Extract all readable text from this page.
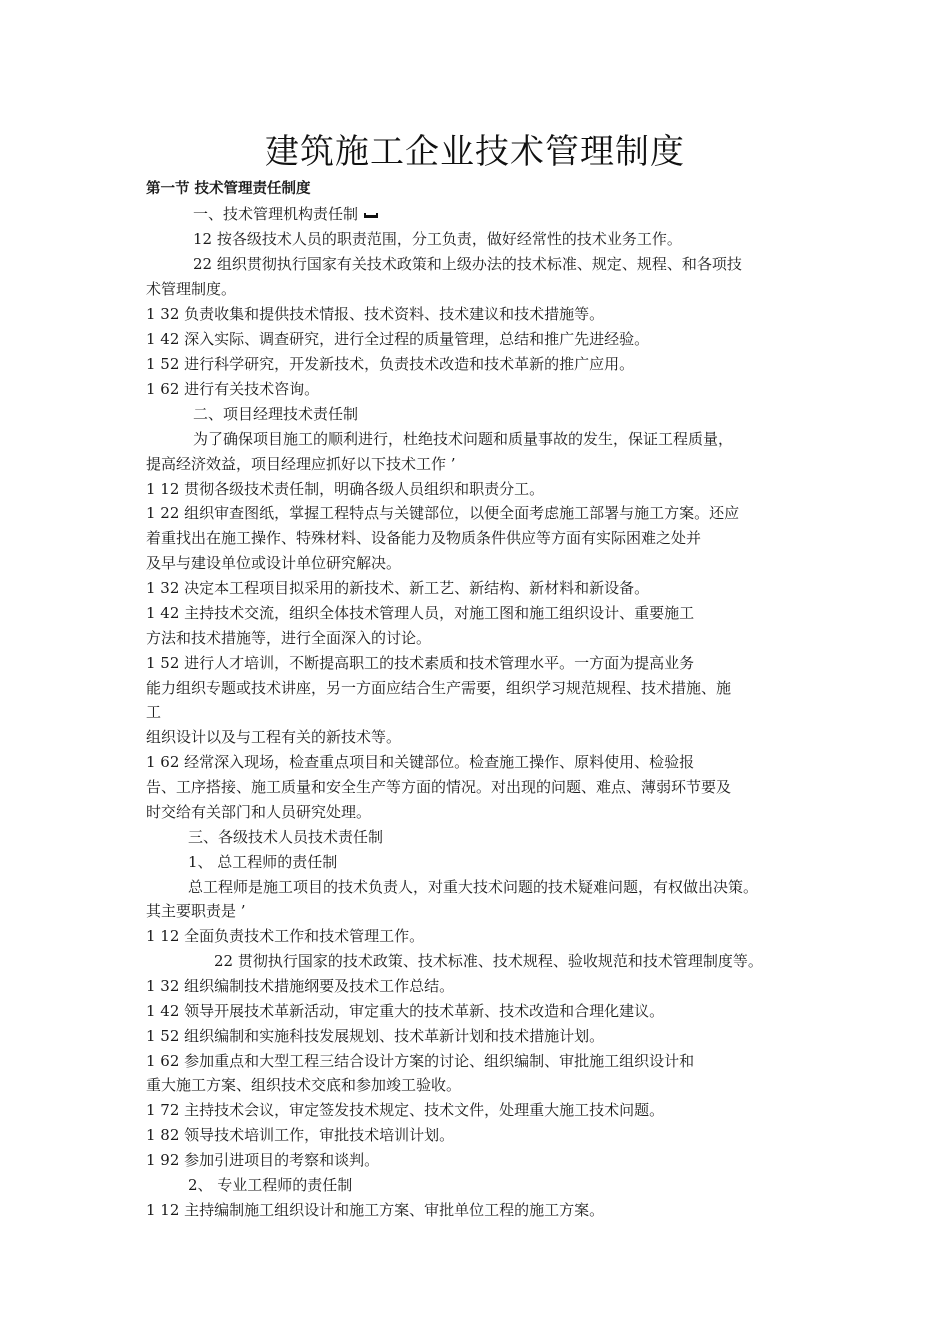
建筑施工企业技术管理制度
第一节 技术管理责任制度
一、技术管理机构责任制
12 按各级技术人员的职责范围，分工负责，做好经常性的技术业务工作。
22 组织贯彻执行国家有关技术政策和上级办法的技术标准、规定、规程、和各项技
术管理制度。
1 32 负责收集和提供技术情报、技术资料、技术建议和技术措施等。
1 42 深入实际、调查研究，进行全过程的质量管理，总结和推广先进经验。
1 52 进行科学研究，开发新技术，负责技术改造和技术革新的推广应用。
1 62 进行有关技术咨询。
二、项目经理技术责任制
为了确保项目施工的顺利进行，杜绝技术问题和质量事故的发生，保证工程质量，
提高经济效益，项目经理应抓好以下技术工作 ’
1 12 贯彻各级技术责任制，明确各级人员组织和职责分工。
1 22 组织审查图纸，掌握工程特点与关键部位，以便全面考虑施工部署与施工方案。还应
着重找出在施工操作、特殊材料、设备能力及物质条件供应等方面有实际困难之处并
及早与建设单位或设计单位研究解决。
1 32 决定本工程项目拟采用的新技术、新工艺、新结构、新材料和新设备。
1 42 主持技术交流，组织全体技术管理人员，对施工图和施工组织设计、重要施工
方法和技术措施等，进行全面深入的讨论。
1 52 进行人才培训，不断提高职工的技术素质和技术管理水平。一方面为提高业务
能力组织专题或技术讲座，另一方面应结合生产需要，组织学习规范规程、技术措施、施
工
组织设计以及与工程有关的新技术等。
1 62 经常深入现场，检查重点项目和关键部位。检查施工操作、原料使用、检验报
告、工序搭接、施工质量和安全生产等方面的情况。对出现的问题、难点、薄弱环节要及
时交给有关部门和人员研究处理。
三、各级技术人员技术责任制
1、 总工程师的责任制
总工程师是施工项目的技术负责人，对重大技术问题的技术疑难问题，有权做出决策。
其主要职责是 ’
1 12 全面负责技术工作和技术管理工作。
22 贯彻执行国家的技术政策、技术标准、技术规程、验收规范和技术管理制度等。
1 32 组织编制技术措施纲要及技术工作总结。
1 42 领导开展技术革新活动，审定重大的技术革新、技术改造和合理化建议。
1 52 组织编制和实施科技发展规划、技术革新计划和技术措施计划。
1 62 参加重点和大型工程三结合设计方案的讨论、组织编制、审批施工组织设计和
重大施工方案、组织技术交底和参加竣工验收。
1 72 主持技术会议，审定签发技术规定、技术文件，处理重大施工技术问题。
1 82 领导技术培训工作，审批技术培训计划。
1 92 参加引进项目的考察和谈判。
2、 专业工程师的责任制
1 12 主持编制施工组织设计和施工方案、审批单位工程的施工方案。
